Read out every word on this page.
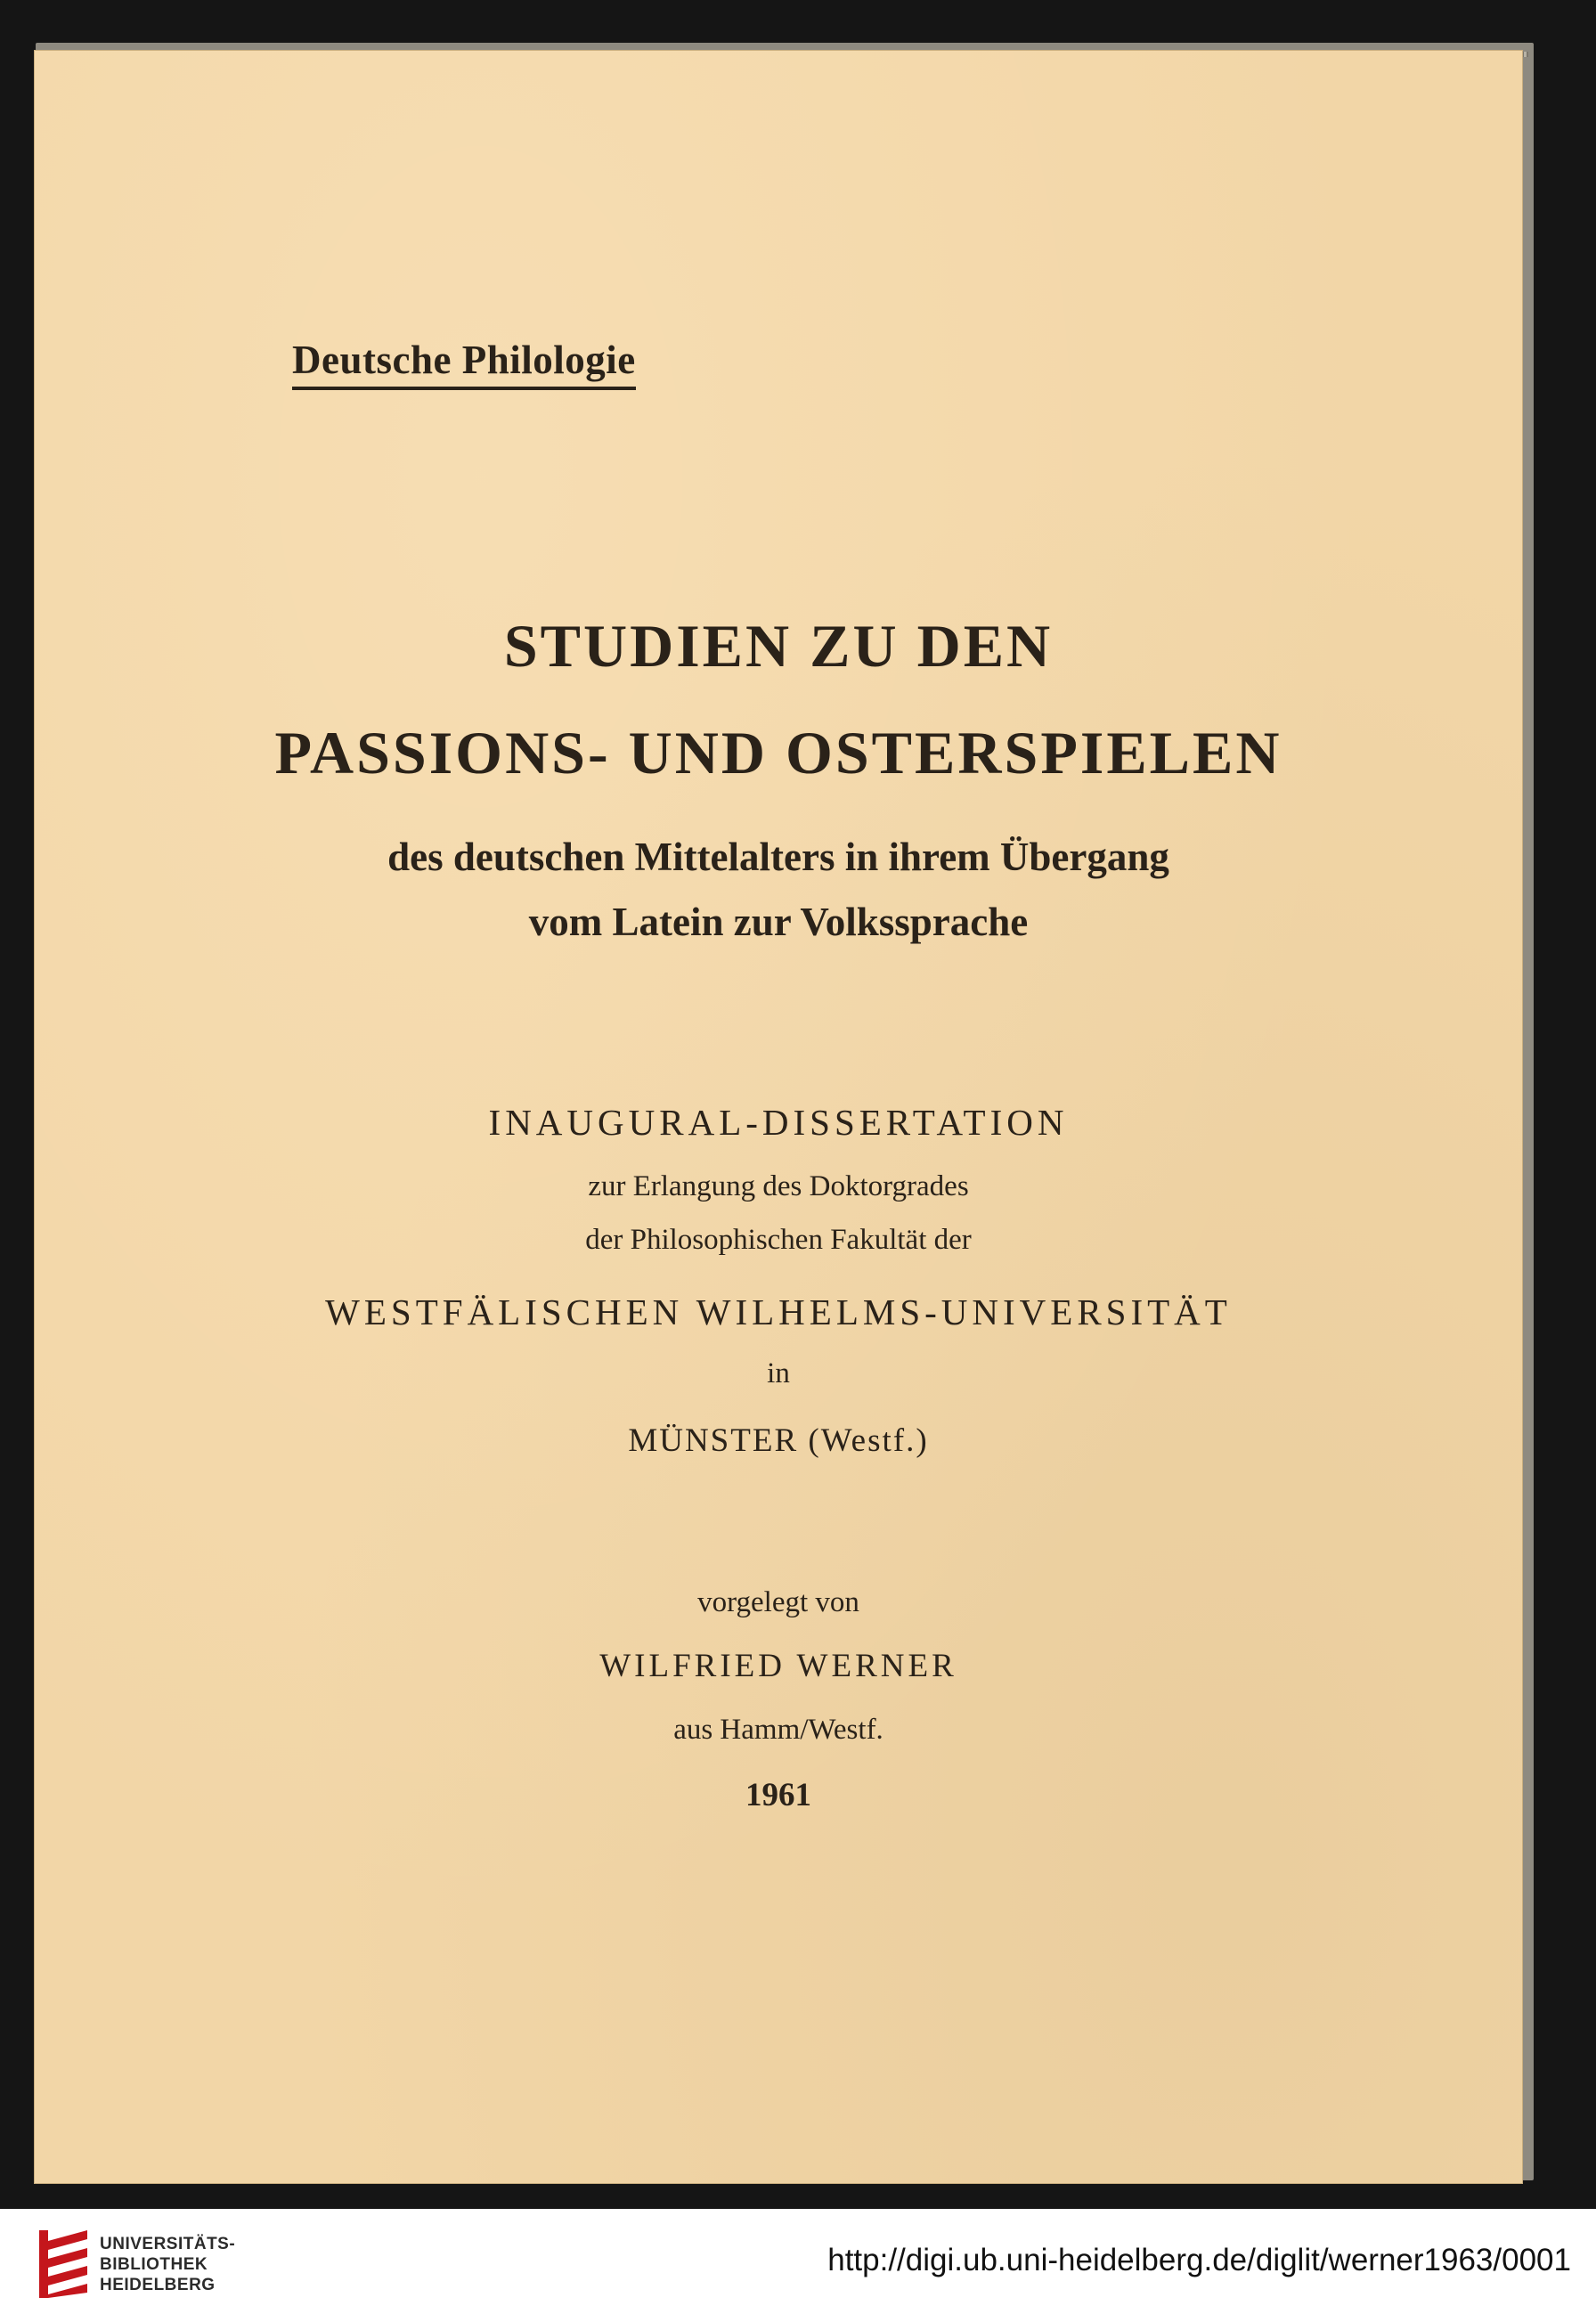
Deutsche Philologie
STUDIEN ZU DEN
PASSIONS- UND OSTERSPIELEN

des deutschen Mittelalters in ihrem Übergang

vom Latein zur Volkssprache

INAUGURAL-DISSERTATION

zur Erlangung des Doktorgrades

der Philosophischen Fakultät der

WESTFÄLISCHEN WILHELMS-UNIVERSITÄT

in

MÜNSTER (Westf.)

vorgelegt von

WILFRIED WERNER

aus Hamm/Westf.

1961

UNIVERSITÄTS-
BIBLIOTHEK
HEIDELBERG
http://digi.ub.uni-heidelberg.de/diglit/werner1963/0001
